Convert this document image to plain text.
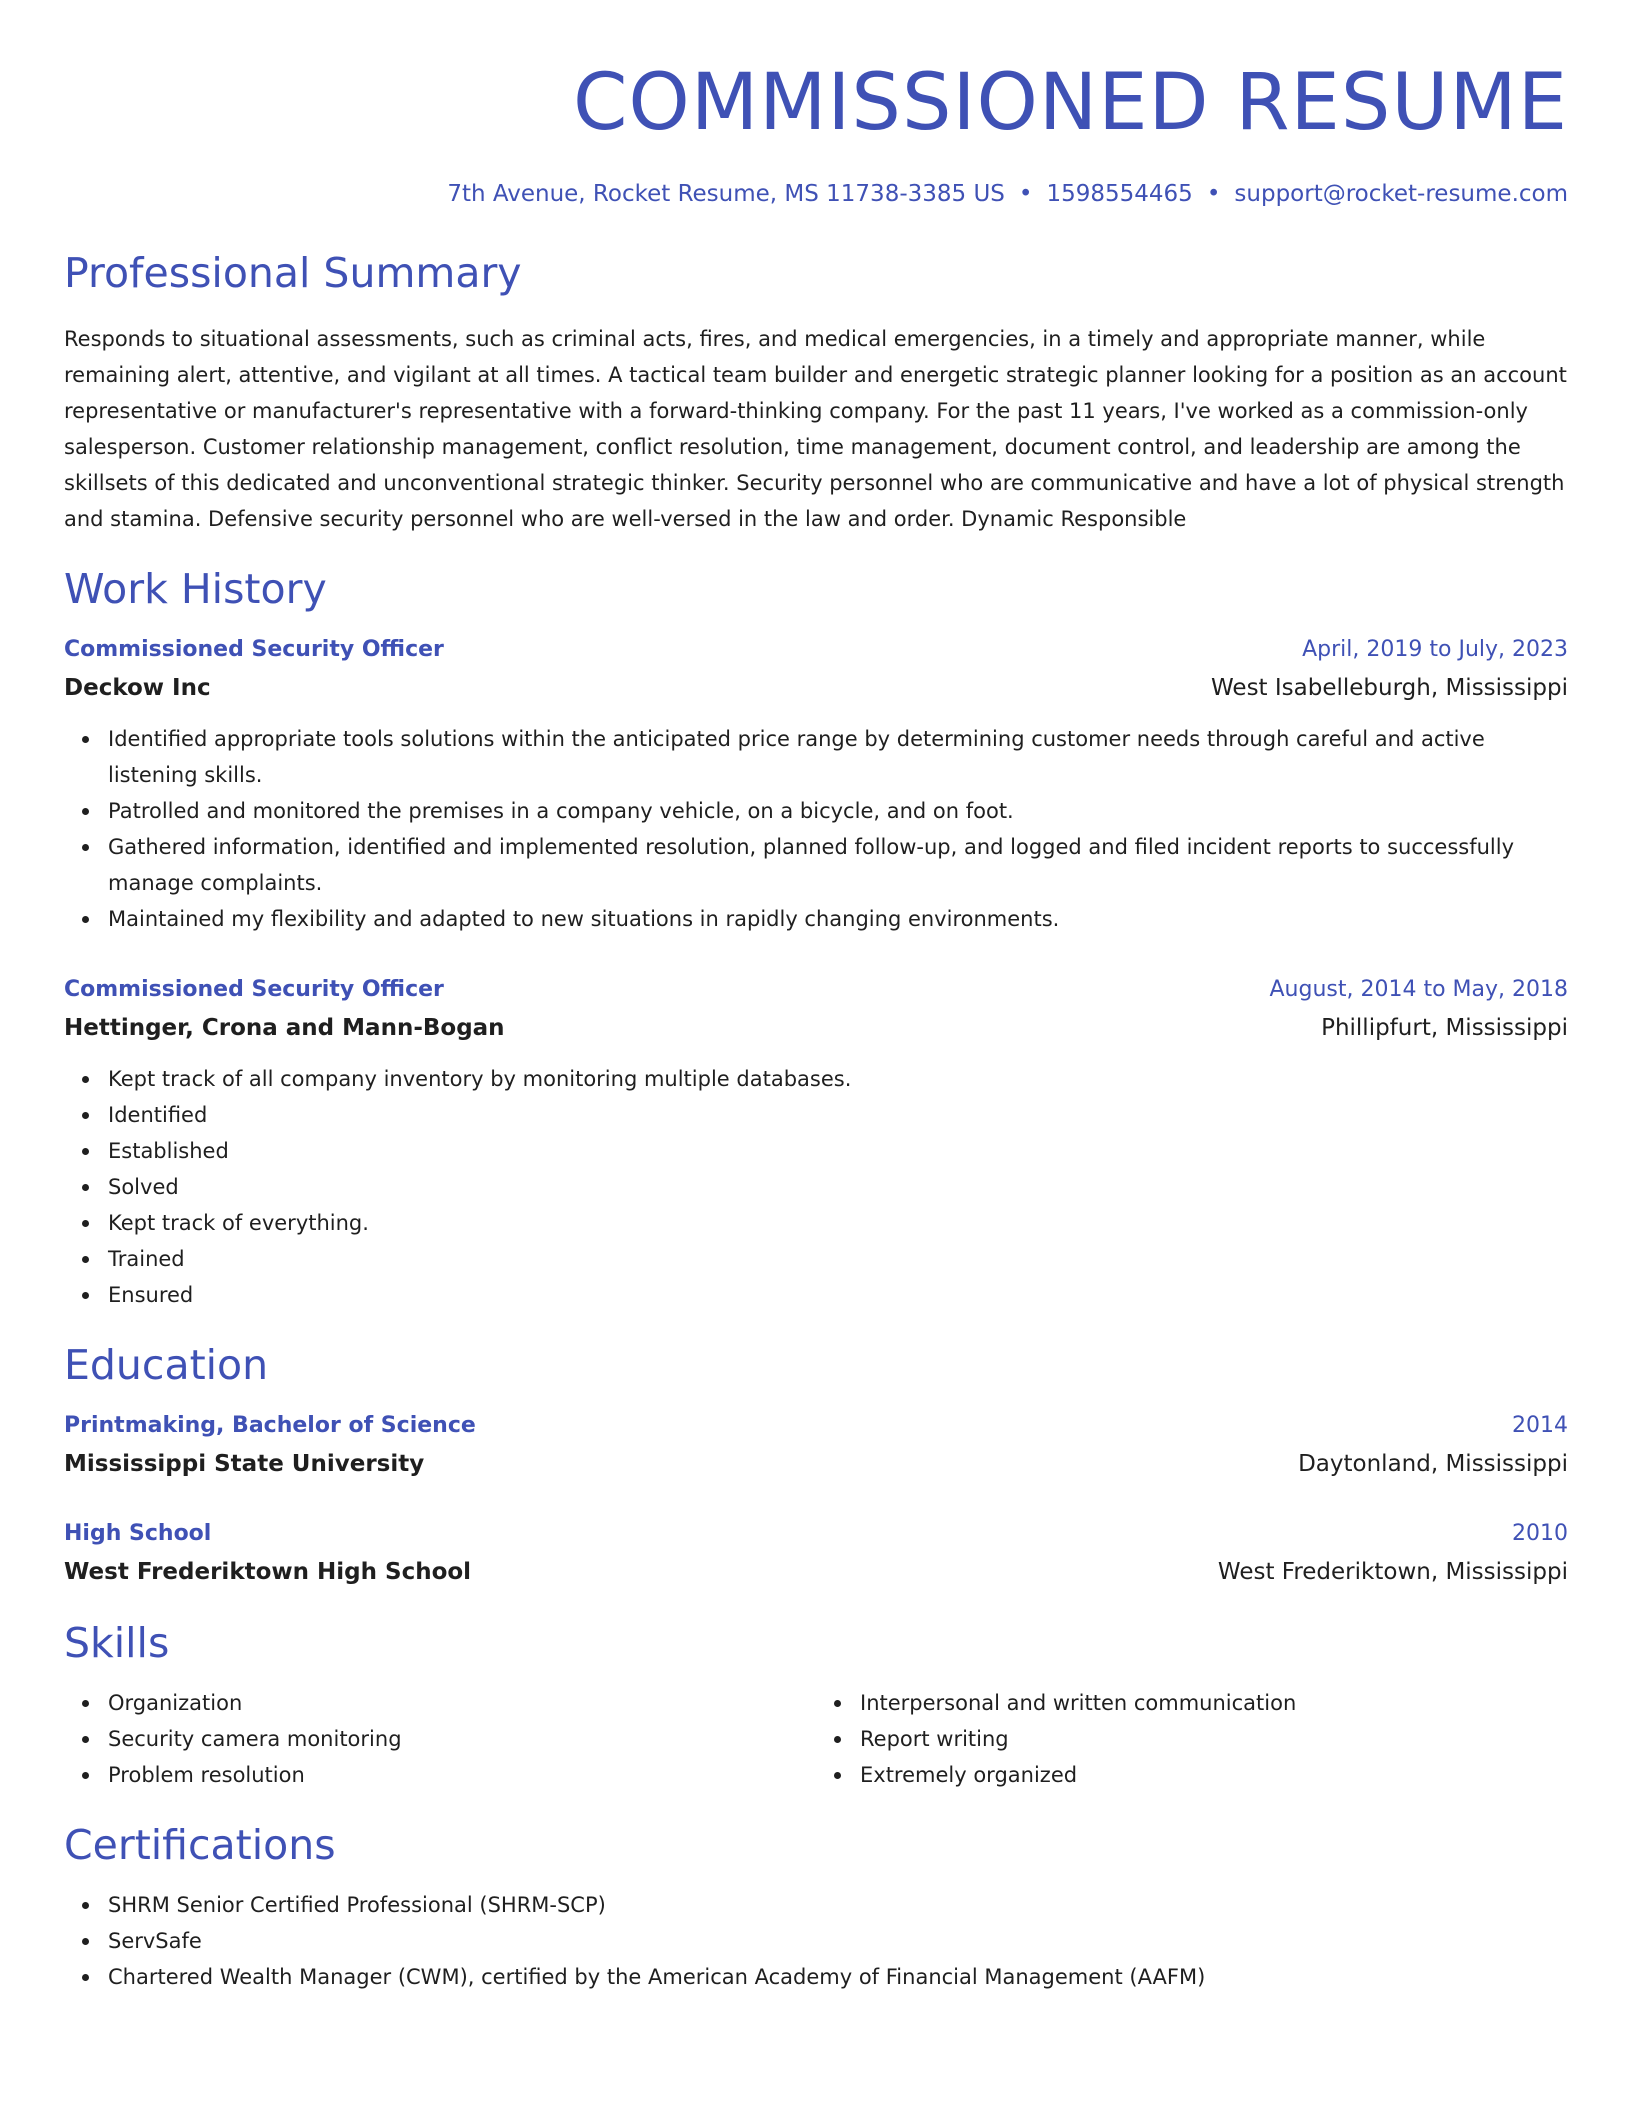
COMMISSIONED RESUME
7th Avenue, Rocket Resume, MS 11738-3385 US • 1598554465 • support@rocket-resume.com
Professional Summary

Responds to situational assessments, such as criminal acts, fires, and medical emergencies, in a timely and appropriate manner, while remaining alert, attentive, and vigilant at all times. A tactical team builder and energetic strategic planner looking for a position as an account representative or manufacturer's representative with a forward-thinking company. For the past 11 years, I've worked as a commission-only salesperson. Customer relationship management, conflict resolution, time management, document control, and leadership are among the skillsets of this dedicated and unconventional strategic thinker. Security personnel who are communicative and have a lot of physical strength and stamina. Defensive security personnel who are well-versed in the law and order. Dynamic Responsible

Work History
Commissioned Security Officer	April, 2019 to July, 2023
Deckow Inc	West Isabelleburgh, Mississippi
Identified appropriate tools solutions within the anticipated price range by determining customer needs through careful and active listening skills.
Patrolled and monitored the premises in a company vehicle, on a bicycle, and on foot.
Gathered information, identified and implemented resolution, planned follow-up, and logged and filed incident reports to successfully manage complaints.
Maintained my flexibility and adapted to new situations in rapidly changing environments.
Commissioned Security Officer	August, 2014 to May, 2018
Hettinger, Crona and Mann-Bogan	Phillipfurt, Mississippi
Kept track of all company inventory by monitoring multiple databases.
Identified
Established
Solved
Kept track of everything.
Trained
Ensured
Education
Printmaking, Bachelor of Science	2014
Mississippi State University	Daytonland, Mississippi
High School	2010
West Frederiktown High School	West Frederiktown, Mississippi
Skills
Organization
Security camera monitoring
Problem resolution
Interpersonal and written communication
Report writing
Extremely organized
Certifications
SHRM Senior Certified Professional (SHRM-SCP)
ServSafe
Chartered Wealth Manager (CWM), certified by the American Academy of Financial Management (AAFM)
